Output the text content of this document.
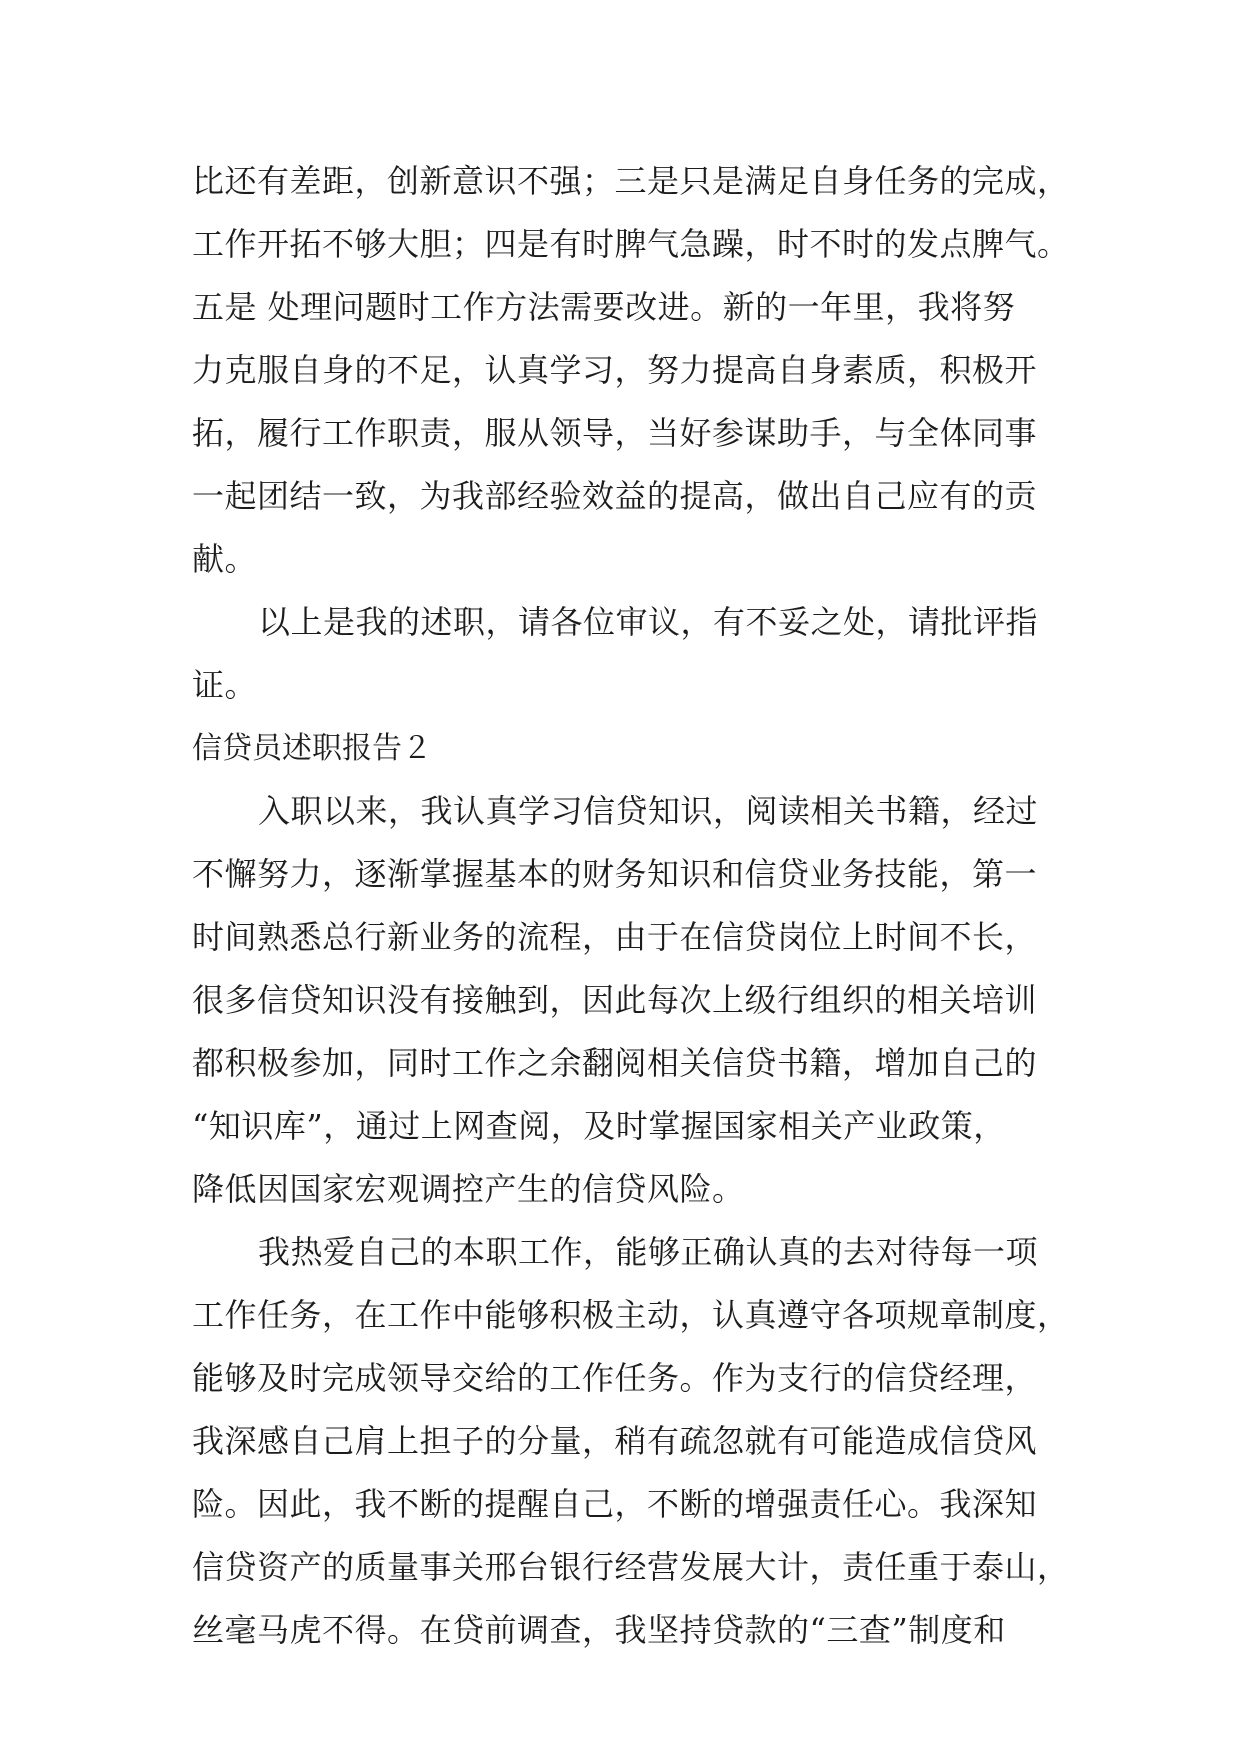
比还有差距，创新意识不强；三是只是满足自身任务的完成，
工作开拓不够大胆；四是有时脾气急躁，时不时的发点脾气。
五是 处理问题时工作方法需要改进。新的一年里，我将努
力克服自身的不足，认真学习，努力提高自身素质，积极开
拓，履行工作职责，服从领导，当好参谋助手，与全体同事
一起团结一致，为我部经验效益的提高，做出自己应有的贡
献。
以上是我的述职，请各位审议，有不妥之处，请批评指
证。
信贷员述职报告２
入职以来，我认真学习信贷知识，阅读相关书籍，经过
不懈努力，逐渐掌握基本的财务知识和信贷业务技能，第一
时间熟悉总行新业务的流程，由于在信贷岗位上时间不长，
很多信贷知识没有接触到，因此每次上级行组织的相关培训
都积极参加，同时工作之余翻阅相关信贷书籍，增加自己的
“知识库”，通过上网查阅，及时掌握国家相关产业政策，
降低因国家宏观调控产生的信贷风险。
我热爱自己的本职工作，能够正确认真的去对待每一项
工作任务，在工作中能够积极主动，认真遵守各项规章制度，
能够及时完成领导交给的工作任务。作为支行的信贷经理，
我深感自己肩上担子的分量，稍有疏忽就有可能造成信贷风
险。因此，我不断的提醒自己，不断的增强责任心。我深知
信贷资产的质量事关邢台银行经营发展大计，责任重于泰山，
丝毫马虎不得。在贷前调查，我坚持贷款的“三查”制度和
